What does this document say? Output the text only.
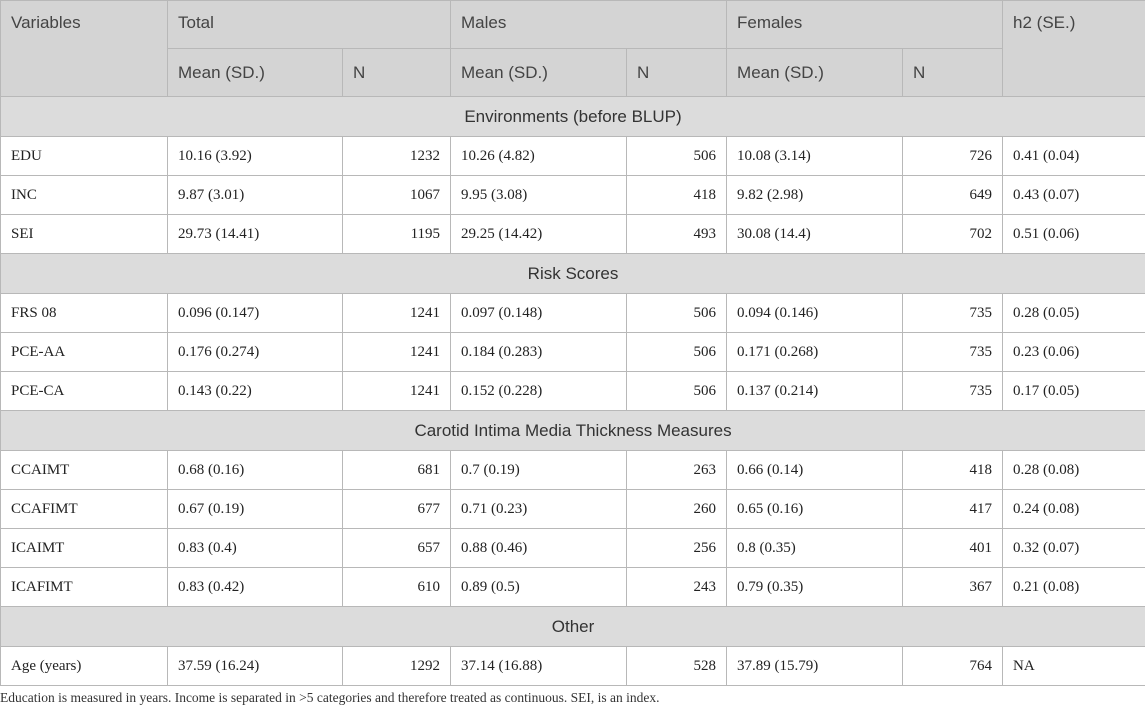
Variables	Total		Males		Females		h2 (SE.)
	Mean (SD.)	N	Mean (SD.)	N	Mean (SD.)	N	
Environments (before BLUP)							
EDU	10.16 (3.92)	1232	10.26 (4.82)	506	10.08 (3.14)	726	0.41 (0.04)
INC	9.87 (3.01)	1067	9.95 (3.08)	418	9.82 (2.98)	649	0.43 (0.07)
SEI	29.73 (14.41)	1195	29.25 (14.42)	493	30.08 (14.4)	702	0.51 (0.06)
Risk Scores							
FRS 08	0.096 (0.147)	1241	0.097 (0.148)	506	0.094 (0.146)	735	0.28 (0.05)
PCE-AA	0.176 (0.274)	1241	0.184 (0.283)	506	0.171 (0.268)	735	0.23 (0.06)
PCE-CA	0.143 (0.22)	1241	0.152 (0.228)	506	0.137 (0.214)	735	0.17 (0.05)
Carotid Intima Media Thickness Measures							
CCAIMT	0.68 (0.16)	681	0.7 (0.19)	263	0.66 (0.14)	418	0.28 (0.08)
CCAFIMT	0.67 (0.19)	677	0.71 (0.23)	260	0.65 (0.16)	417	0.24 (0.08)
ICAIMT	0.83 (0.4)	657	0.88 (0.46)	256	0.8 (0.35)	401	0.32 (0.07)
ICAFIMT	0.83 (0.42)	610	0.89 (0.5)	243	0.79 (0.35)	367	0.21 (0.08)
Other							
Age (years)	37.59 (16.24)	1292	37.14 (16.88)	528	37.89 (15.79)	764	NA
Education is measured in years. Income is separated in >5 categories and therefore treated as continuous. SEI, is an index.
